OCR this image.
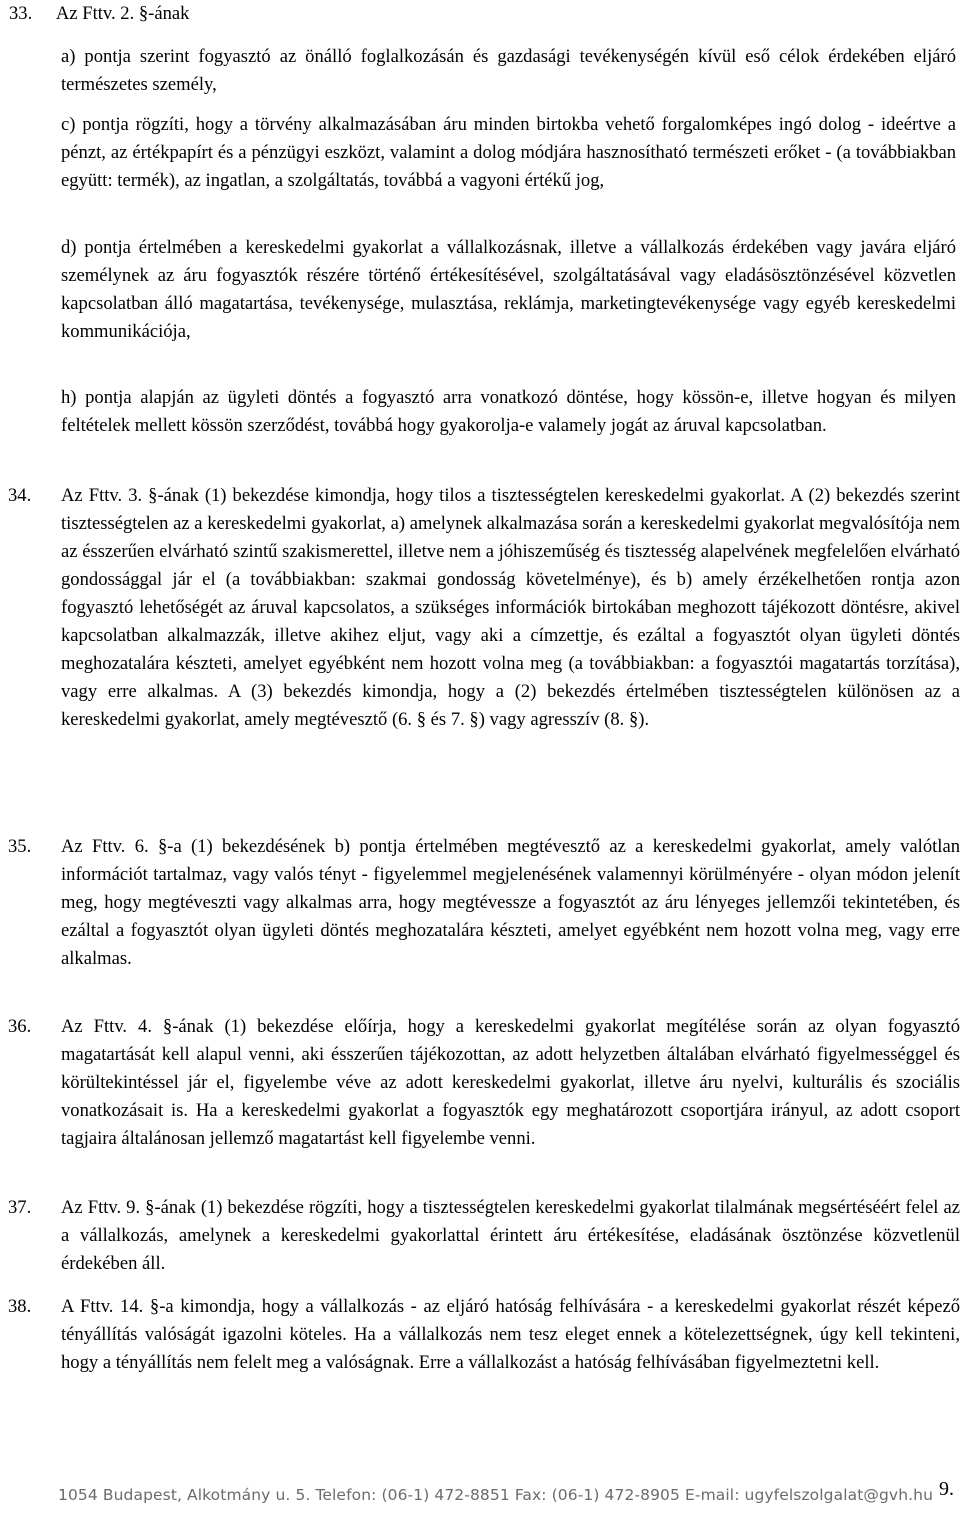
33. Az Fttv. 2. §-ának

a) pontja szerint fogyasztó az önálló foglalkozásán és gazdasági tevékenységén kívül eső célok érdekében eljáró természetes személy,

c) pontja rögzíti, hogy a törvény alkalmazásában áru minden birtokba vehető forgalomképes ingó dolog - ideértve a pénzt, az értékpapírt és a pénzügyi eszközt, valamint a dolog módjára hasznosítható természeti erőket - (a továbbiakban együtt: termék), az ingatlan, a szolgáltatás, továbbá a vagyoni értékű jog,

d) pontja értelmében a kereskedelmi gyakorlat a vállalkozásnak, illetve a vállalkozás érdekében vagy javára eljáró személynek az áru fogyasztók részére történő értékesítésével, szolgáltatásával vagy eladásösztönzésével közvetlen kapcsolatban álló magatartása, tevékenysége, mulasztása, reklámja, marketingtevékenysége vagy egyéb kereskedelmi kommunikációja,

h) pontja alapján az ügyleti döntés a fogyasztó arra vonatkozó döntése, hogy kössön-e, illetve hogyan és milyen feltételek mellett kössön szerződést, továbbá hogy gyakorolja-e valamely jogát az áruval kapcsolatban.

34. Az Fttv. 3. §-ának (1) bekezdése kimondja, hogy tilos a tisztességtelen kereskedelmi gyakorlat. A (2) bekezdés szerint tisztességtelen az a kereskedelmi gyakorlat, a) amelynek alkalmazása során a kereskedelmi gyakorlat megvalósítója nem az ésszerűen elvárható szintű szakismerettel, illetve nem a jóhiszeműség és tisztesség alapelvének megfelelően elvárható gondossággal jár el (a továbbiakban: szakmai gondosság követelménye), és b) amely érzékelhetően rontja azon fogyasztó lehetőségét az áruval kapcsolatos, a szükséges információk birtokában meghozott tájékozott döntésre, akivel kapcsolatban alkalmazzák, illetve akihez eljut, vagy aki a címzettje, és ezáltal a fogyasztót olyan ügyleti döntés meghozatalára készteti, amelyet egyébként nem hozott volna meg (a továbbiakban: a fogyasztói magatartás torzítása), vagy erre alkalmas. A (3) bekezdés kimondja, hogy a (2) bekezdés értelmében tisztességtelen különösen az a kereskedelmi gyakorlat, amely megtévesztő (6. § és 7. §) vagy agresszív (8. §).
35. Az Fttv. 6. §-a (1) bekezdésének b) pontja értelmében megtévesztő az a kereskedelmi gyakorlat, amely valótlan információt tartalmaz, vagy valós tényt - figyelemmel megjelenésének valamennyi körülményére - olyan módon jelenít meg, hogy megtéveszti vagy alkalmas arra, hogy megtévessze a fogyasztót az áru lényeges jellemzői tekintetében, és ezáltal a fogyasztót olyan ügyleti döntés meghozatalára készteti, amelyet egyébként nem hozott volna meg, vagy erre alkalmas.
36. Az Fttv. 4. §-ának (1) bekezdése előírja, hogy a kereskedelmi gyakorlat megítélése során az olyan fogyasztó magatartását kell alapul venni, aki ésszerűen tájékozottan, az adott helyzetben általában elvárható figyelmességgel és körültekintéssel jár el, figyelembe véve az adott kereskedelmi gyakorlat, illetve áru nyelvi, kulturális és szociális vonatkozásait is. Ha a kereskedelmi gyakorlat a fogyasztók egy meghatározott csoportjára irányul, az adott csoport tagjaira általánosan jellemző magatartást kell figyelembe venni.
37. Az Fttv. 9. §-ának (1) bekezdése rögzíti, hogy a tisztességtelen kereskedelmi gyakorlat tilalmának megsértéséért felel az a vállalkozás, amelynek a kereskedelmi gyakorlattal érintett áru értékesítése, eladásának ösztönzése közvetlenül érdekében áll.
38. A Fttv. 14. §-a kimondja, hogy a vállalkozás - az eljáró hatóság felhívására - a kereskedelmi gyakorlat részét képező tényállítás valóságát igazolni köteles. Ha a vállalkozás nem tesz eleget ennek a kötelezettségnek, úgy kell tekinteni, hogy a tényállítás nem felelt meg a valóságnak. Erre a vállalkozást a hatóság felhívásában figyelmeztetni kell.
1054 Budapest, Alkotmány u. 5. Telefon: (06-1) 472-8851 Fax: (06-1) 472-8905 E-mail: ugyfelszolgalat@gvh.hu 9.
